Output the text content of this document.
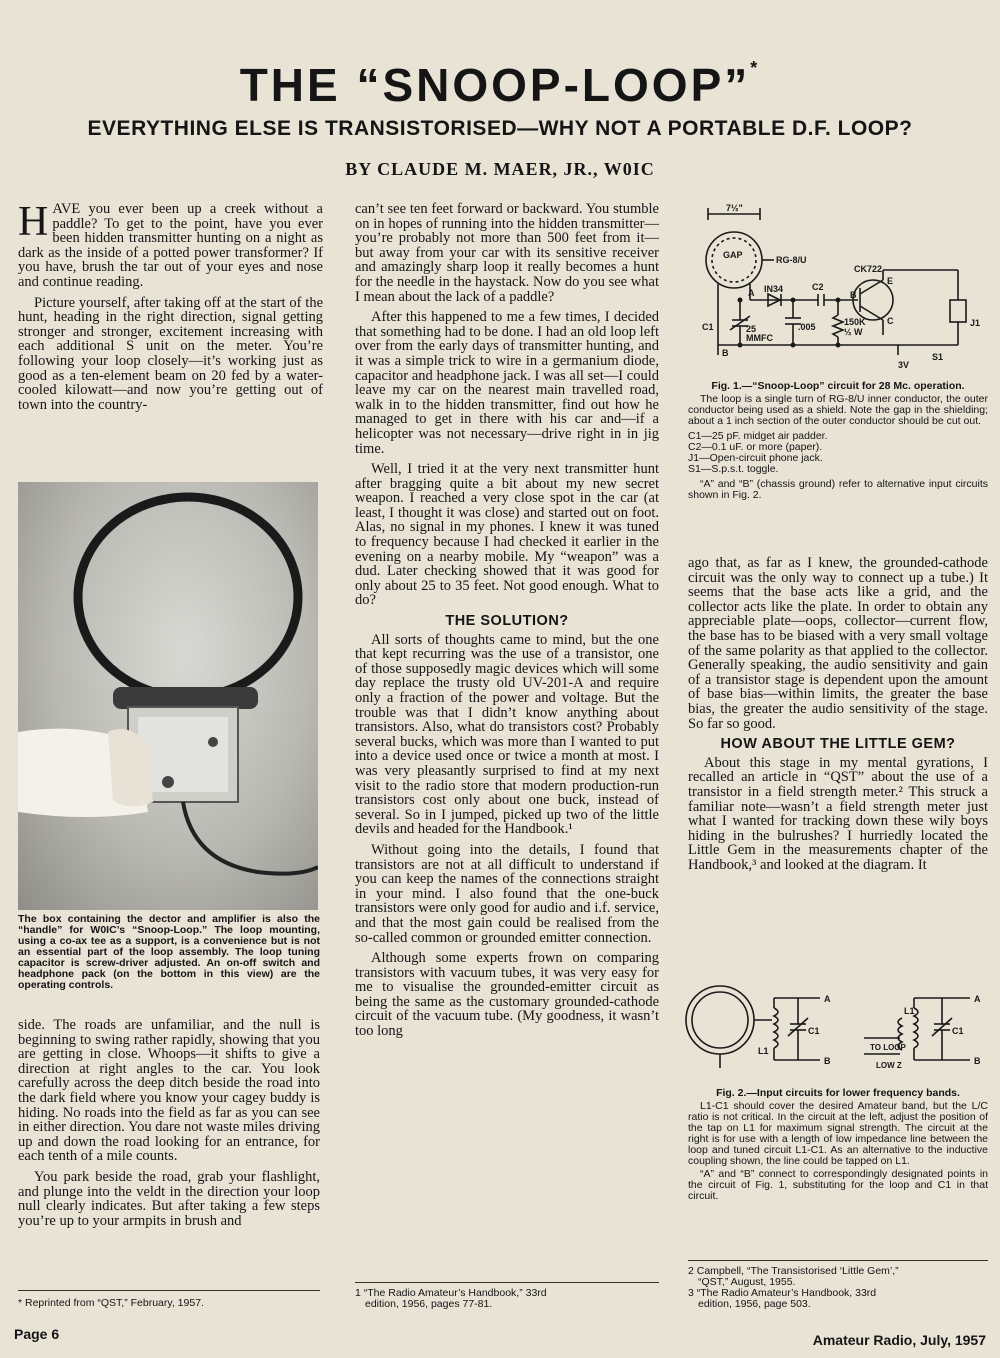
THE “SNOOP-LOOP”*
EVERYTHING ELSE IS TRANSISTORISED—WHY NOT A PORTABLE D.F. LOOP?
BY CLAUDE M. MAER, JR., W0IC

HAVE you ever been up a creek without a paddle? To get to the point, have you ever been hidden transmitter hunting on a night as dark as the inside of a potted power transformer? If you have, brush the tar out of your eyes and nose and continue reading.

Picture yourself, after taking off at the start of the hunt, heading in the right direction, signal getting stronger and stronger, excitement increasing with each additional S unit on the meter. You’re following your loop closely—it’s working just as good as a ten-element beam on 20 fed by a water-cooled kilowatt—and now you’re getting out of town into the country-

The box containing the dector and amplifier is also the “handle” for W0IC’s “Snoop-Loop.” The loop mounting, using a co-ax tee as a support, is a convenience but is not an essential part of the loop assembly. The loop tuning capacitor is screw-driver adjusted. An on-off switch and headphone pack (on the bottom in this view) are the operating controls.

side. The roads are unfamiliar, and the null is beginning to swing rather rapidly, showing that you are getting in close. Whoops—it shifts to give a direction at right angles to the car. You look carefully across the deep ditch beside the road into the dark field where you know your cagey buddy is hiding. No roads into the field as far as you can see in either direction. You dare not waste miles driving up and down the road looking for an entrance, for each tenth of a mile counts.

You park beside the road, grab your flashlight, and plunge into the veldt in the direction your loop null clearly indicates. But after taking a few steps you’re up to your armpits in brush and

* Reprinted from “QST,” February, 1957.

can’t see ten feet forward or backward. You stumble on in hopes of running into the hidden transmitter—you’re probably not more than 500 feet from it—but away from your car with its sensitive receiver and amazingly sharp loop it really becomes a hunt for the needle in the haystack. Now do you see what I mean about the lack of a paddle?

After this happened to me a few times, I decided that something had to be done. I had an old loop left over from the early days of transmitter hunting, and it was a simple trick to wire in a germanium diode, capacitor and headphone jack. I was all set—I could leave my car on the nearest main travelled road, walk in to the hidden transmitter, find out how he managed to get in there with his car and—if a helicopter was not necessary—drive right in in jig time.

Well, I tried it at the very next transmitter hunt after bragging quite a bit about my new secret weapon. I reached a very close spot in the car (at least, I thought it was close) and started out on foot. Alas, no signal in my phones. I knew it was tuned to frequency because I had checked it earlier in the evening on a nearby mobile. My “weapon” was a dud. Later checking showed that it was good for only about 25 to 35 feet. Not good enough. What to do?

THE SOLUTION?

All sorts of thoughts came to mind, but the one that kept recurring was the use of a transistor, one of those supposedly magic devices which will some day replace the trusty old UV-201-A and require only a fraction of the power and voltage. But the trouble was that I didn’t know anything about transistors. Also, what do transistors cost? Probably several bucks, which was more than I wanted to put into a device used once or twice a month at most. I was very pleasantly surprised to find at my next visit to the radio store that modern production-run transistors cost only about one buck, instead of several. So in I jumped, picked up two of the little devils and headed for the Handbook.¹

Without going into the details, I found that transistors are not at all difficult to understand if you can keep the names of the connections straight in your mind. I also found that the one-buck transistors were only good for audio and i.f. service, and that the most gain could be realised from the so-called common or grounded emitter connection.

Although some experts frown on comparing transistors with vacuum tubes, it was very easy for me to visualise the grounded-emitter circuit as being the same as the customary grounded-cathode circuit of the vacuum tube. (My goodness, it wasn’t too long

1 “The Radio Amateur’s Handbook,” 33rd
edition, 1956, pages 77-81.
7½"
GAP	RG-8/U
CK722
IN34	C2
C1	25
MMFC
.005	150K
½ W
A
B
B
E
C
S1
J1
3V
Fig. 1.—“Snoop-Loop” circuit for 28 Mc. operation.

The loop is a single turn of RG-8/U inner conductor, the outer conductor being used as a shield. Note the gap in the shielding; about a 1 inch section of the outer conductor should be cut out.

C1—25 pF. midget air padder.
C2—0.1 uF. or more (paper).
J1—Open-circuit phone jack.
S1—S.p.s.t. toggle.

“A” and “B” (chassis ground) refer to alternative input circuits shown in Fig. 2.

ago that, as far as I knew, the grounded-cathode circuit was the only way to connect up a tube.) It seems that the base acts like a grid, and the collector acts like the plate. In order to obtain any appreciable plate—oops, collector—current flow, the base has to be biased with a very small voltage of the same polarity as that applied to the collector. Generally speaking, the audio sensitivity and gain of a transistor stage is dependent upon the amount of base bias—within limits, the greater the base bias, the greater the audio sensitivity of the stage. So far so good.

HOW ABOUT THE LITTLE GEM?

About this stage in my mental gyrations, I recalled an article in “QST” about the use of a transistor in a field strength meter.² This struck a familiar note—wasn’t a field strength meter just what I wanted for tracking down these wily boys hiding in the bulrushes? I hurriedly located the Little Gem in the measurements chapter of the Handbook,³ and looked at the diagram. It

A
B
L1
C1
A
B
L1
C1
TO LOOP
LOW Z
Fig. 2.—Input circuits for lower frequency bands.

L1-C1 should cover the desired Amateur band, but the L/C ratio is not critical. In the circuit at the left, adjust the position of the tap on L1 for maximum signal strength. The circuit at the right is for use with a length of low impedance line between the loop and tuned circuit L1-C1. As an alternative to the inductive coupling shown, the line could be tapped on L1.

“A” and “B” connect to correspondingly designated points in the circuit of Fig. 1, substituting for the loop and C1 in that circuit.

2 Campbell, “The Transistorised ‘Little Gem’,”
“QST,” August, 1955.
3 “The Radio Amateur’s Handbook, 33rd
edition, 1956, page 503.
Page 6	Amateur Radio, July, 1957
